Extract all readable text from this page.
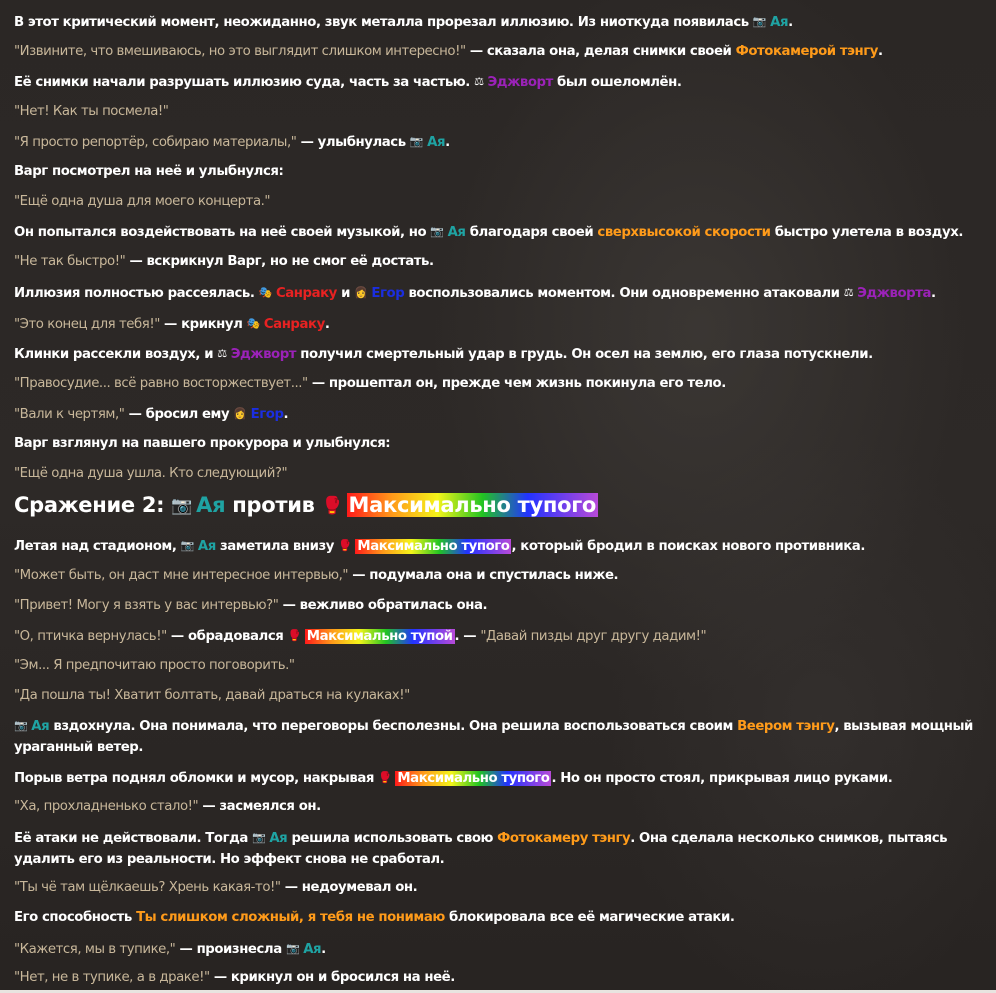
В этот критический момент, неожиданно, звук металла прорезал иллюзию. Из ниоткуда появилась 📷 Ая.
"Извините, что вмешиваюсь, но это выглядит слишком интересно!" — сказала она, делая снимки своей Фотокамерой тэнгу.
Её снимки начали разрушать иллюзию суда, часть за частью. ⚖ Эджворт был ошеломлён.
"Нет! Как ты посмела!"
"Я просто репортёр, собираю материалы," — улыбнулась 📷 Ая.
Варг посмотрел на неё и улыбнулся:
"Ещё одна душа для моего концерта."
Он попытался воздействовать на неё своей музыкой, но 📷 Ая благодаря своей сверхвысокой скорости быстро улетела в воздух.
"Не так быстро!" — вскрикнул Варг, но не смог её достать.
Иллюзия полностью рассеялась. 🎭 Санраку и 👩 Егор воспользовались моментом. Они одновременно атаковали ⚖ Эджворта.
"Это конец для тебя!" — крикнул 🎭 Санраку.
Клинки рассекли воздух, и ⚖ Эджворт получил смертельный удар в грудь. Он осел на землю, его глаза потускнели.
"Правосудие... всё равно восторжествует..." — прошептал он, прежде чем жизнь покинула его тело.
"Вали к чертям," — бросил ему 👩 Егор.
Варг взглянул на павшего прокурора и улыбнулся:
"Ещё одна душа ушла. Кто следующий?"
Сражение 2: 📷 Ая против 🥊 Максимально тупого
Летая над стадионом, 📷 Ая заметила внизу 🥊 Максимально тупого , который бродил в поисках нового противника.
"Может быть, он даст мне интересное интервью," — подумала она и спустилась ниже.
"Привет! Могу я взять у вас интервью?" — вежливо обратилась она.
"О, птичка вернулась!" — обрадовался 🥊 Максимально тупой . — "Давай пизды друг другу дадим!"
"Эм... Я предпочитаю просто поговорить."
"Да пошла ты! Хватит болтать, давай драться на кулаках!"
📷 Ая вздохнула. Она понимала, что переговоры бесполезны. Она решила воспользоваться своим Веером тэнгу, вызывая мощный ураганный ветер.
Порыв ветра поднял обломки и мусор, накрывая 🥊 Максимально тупого . Но он просто стоял, прикрывая лицо руками.
"Ха, прохладненько стало!" — засмеялся он.
Её атаки не действовали. Тогда 📷 Ая решила использовать свою Фотокамеру тэнгу. Она сделала несколько снимков, пытаясь удалить его из реальности. Но эффект снова не сработал.
"Ты чё там щёлкаешь? Хрень какая-то!" — недоумевал он.
Его способность Ты слишком сложный, я тебя не понимаю блокировала все её магические атаки.
"Кажется, мы в тупике," — произнесла 📷 Ая.
"Нет, не в тупике, а в драке!" — крикнул он и бросился на неё.
